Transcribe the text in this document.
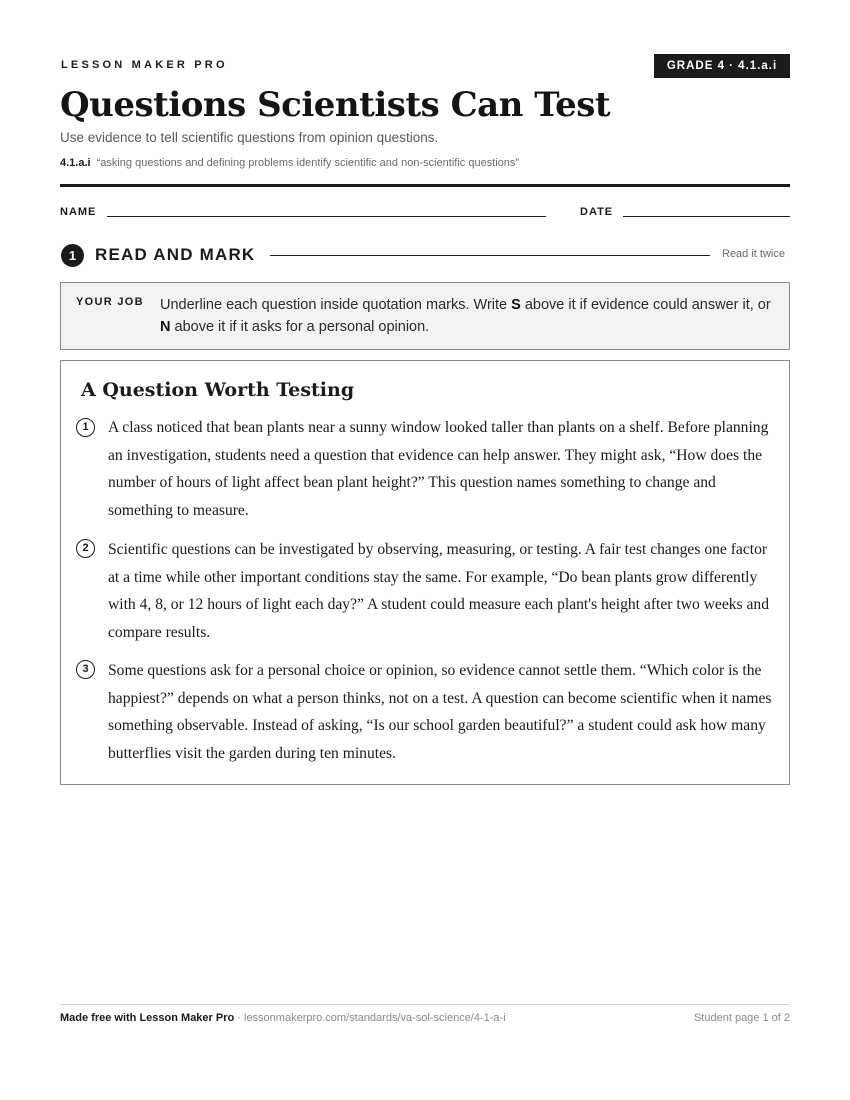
LESSON MAKER PRO	GRADE 4 · 4.1.a.i
Questions Scientists Can Test
Use evidence to tell scientific questions from opinion questions.
4.1.a.i “asking questions and defining problems identify scientific and non-scientific questions”
NAME	DATE
1	READ AND MARK	Read it twice
YOUR JOB Underline each question inside quotation marks. Write S above it if evidence could answer it, or N above it if it asks for a personal opinion.
A Question Worth Testing
1	A class noticed that bean plants near a sunny window looked taller than plants on a shelf. Before planning an investigation, students need a question that evidence can help answer. They might ask, “How does the number of hours of light affect bean plant height?” This question names something to change and something to measure.

2	Scientific questions can be investigated by observing, measuring, or testing. A fair test changes one factor at a time while other important conditions stay the same. For example, “Do bean plants grow differently with 4, 8, or 12 hours of light each day?” A student could measure each plant's height after two weeks and compare results.

3	Some questions ask for a personal choice or opinion, so evidence cannot settle them. “Which color is the happiest?” depends on what a person thinks, not on a test. A question can become scientific when it names something observable. Instead of asking, “Is our school garden beautiful?” a student could ask how many butterflies visit the garden during ten minutes.

Made free with Lesson Maker Pro · lessonmakerpro.com/standards/va-sol-science/4-1-a-i	Student page 1 of 2
